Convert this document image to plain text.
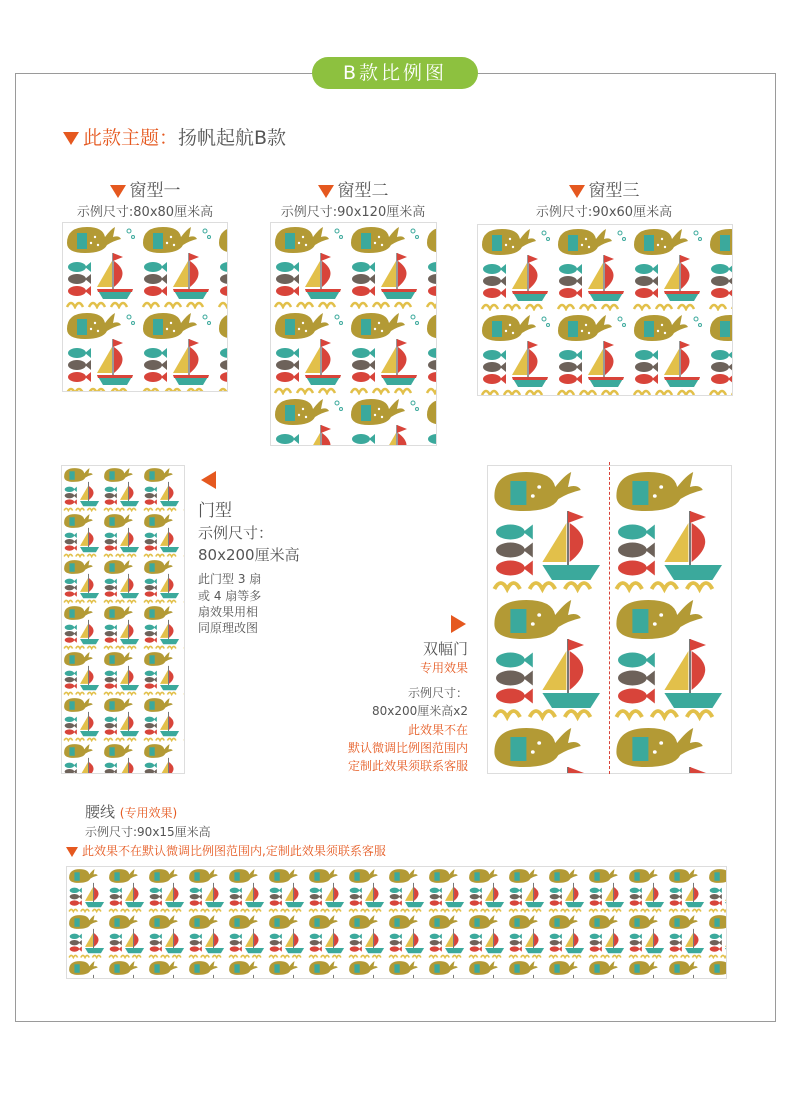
B款比例图
此款主题：扬帆起航B款
窗型一
示例尺寸:80x80厘米高
窗型二
示例尺寸:90x120厘米高
窗型三
示例尺寸:90x60厘米高
门型
示例尺寸：
80x200厘米高
此门型 3 扇
或 4 扇等多
扇效果用相
同原理改图
双幅门
专用效果
示例尺寸：
80x200厘米高x2
此效果不在
默认微调比例图范围内
定制此效果须联系客服
腰线 (专用效果)
示例尺寸:90x15厘米高
此效果不在默认微调比例图范围内,定制此效果须联系客服
